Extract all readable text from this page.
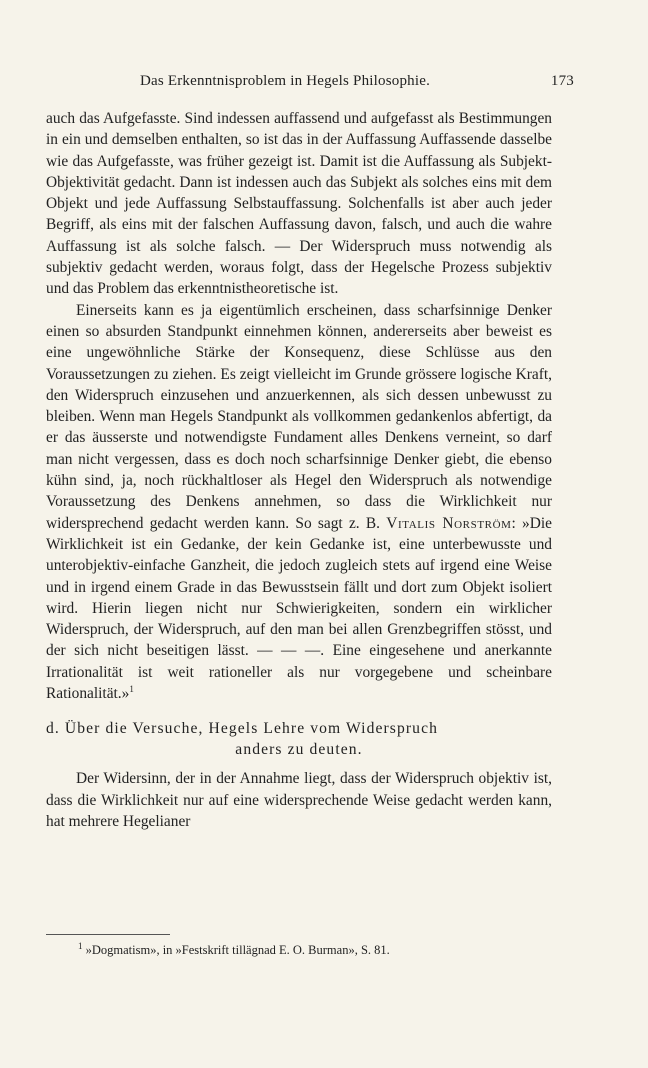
Das Erkenntnisproblem in Hegels Philosophie.	173

auch das Aufgefasste. Sind indessen auffassend und aufgefasst als Bestimmungen in ein und demselben enthalten, so ist das in der Auffassung Auffassende dasselbe wie das Aufgefasste, was früher gezeigt ist. Damit ist die Auffassung als Subjekt-Objektivität gedacht. Dann ist indessen auch das Subjekt als solches eins mit dem Objekt und jede Auffassung Selbstauffassung. Solchenfalls ist aber auch jeder Begriff, als eins mit der falschen Auffassung davon, falsch, und auch die wahre Auffassung ist als solche falsch. — Der Widerspruch muss notwendig als subjektiv gedacht werden, woraus folgt, dass der Hegelsche Prozess subjektiv und das Problem das erkenntnistheoretische ist.

Einerseits kann es ja eigentümlich erscheinen, dass scharfsinnige Denker einen so absurden Standpunkt einnehmen können, andererseits aber beweist es eine ungewöhnliche Stärke der Konsequenz, diese Schlüsse aus den Voraussetzungen zu ziehen. Es zeigt vielleicht im Grunde grössere logische Kraft, den Widerspruch einzusehen und anzuerkennen, als sich dessen unbewusst zu bleiben. Wenn man Hegels Standpunkt als vollkommen gedankenlos abfertigt, da er das äusserste und notwendigste Fundament alles Denkens verneint, so darf man nicht vergessen, dass es doch noch scharfsinnige Denker giebt, die ebenso kühn sind, ja, noch rückhaltloser als Hegel den Widerspruch als notwendige Voraussetzung des Denkens annehmen, so dass die Wirklichkeit nur widersprechend gedacht werden kann. So sagt z. B. Vitalis Norström: »Die Wirklichkeit ist ein Gedanke, der kein Gedanke ist, eine unterbewusste und unterobjektiv-einfache Ganzheit, die jedoch zugleich stets auf irgend eine Weise und in irgend einem Grade in das Bewusstsein fällt und dort zum Objekt isoliert wird. Hierin liegen nicht nur Schwierigkeiten, sondern ein wirklicher Widerspruch, der Widerspruch, auf den man bei allen Grenzbegriffen stösst, und der sich nicht beseitigen lässt. — — —. Eine eingesehene und anerkannte Irrationalität ist weit rationeller als nur vorgegebene und scheinbare Rationalität.»$^1$

d. Über die Versuche, Hegels Lehre vom Widerspruch
anders zu deuten.

Der Widersinn, der in der Annahme liegt, dass der Widerspruch objektiv ist, dass die Wirklichkeit nur auf eine widersprechende Weise gedacht werden kann, hat mehrere Hegelianer

$^1$ »Dogmatism», in »Festskrift tillägnad E. O. Burman», S. 81.
